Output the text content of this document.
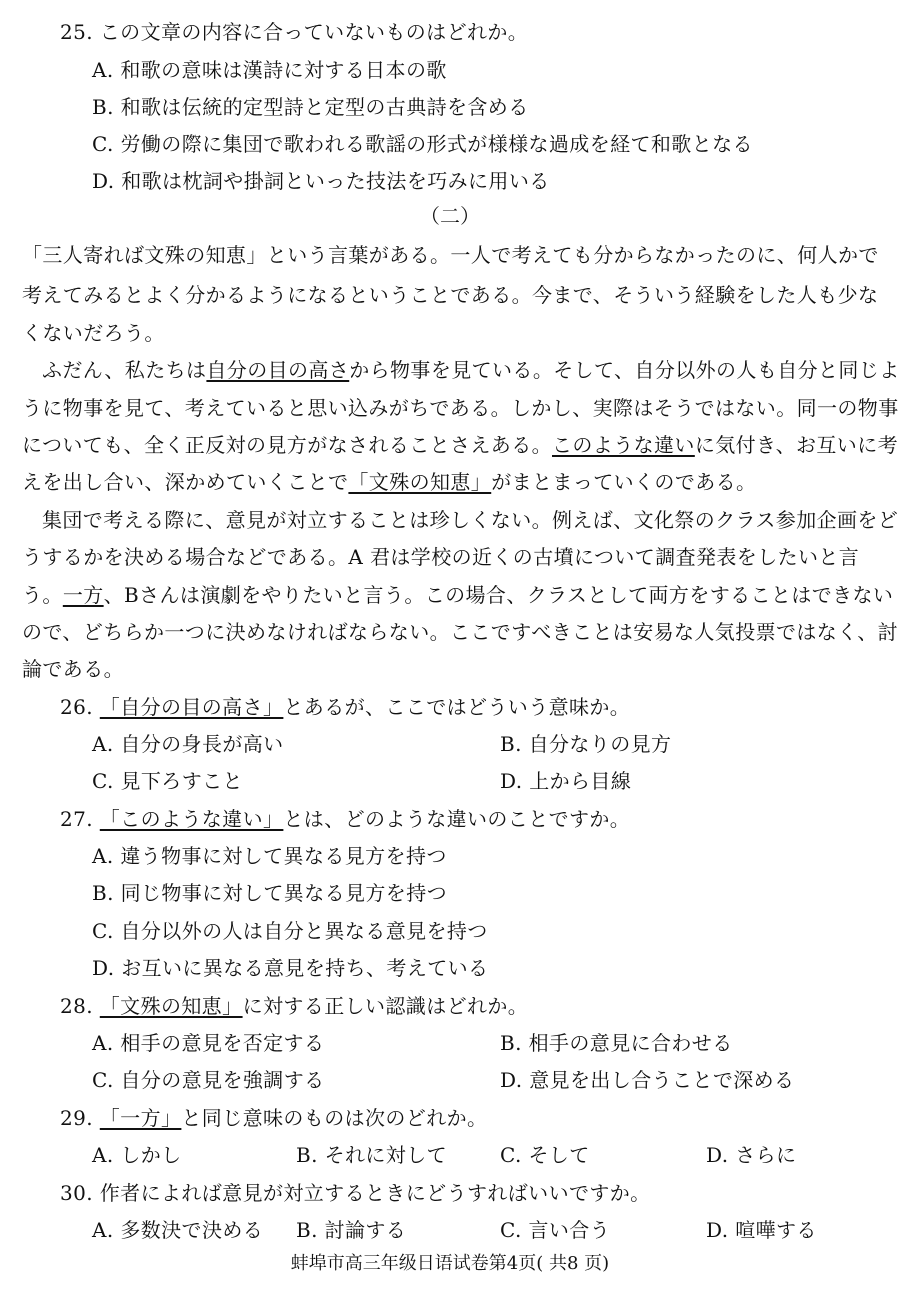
25. この文章の内容に合っていないものはどれか。
A. 和歌の意味は漢詩に対する日本の歌
B. 和歌は伝統的定型詩と定型の古典詩を含める
C. 労働の際に集団で歌われる歌謡の形式が様様な過成を経て和歌となる
D. 和歌は枕詞や掛詞といった技法を巧みに用いる
（二）
「三人寄れば文殊の知恵」という言葉がある。一人で考えても分からなかったのに、何人かで
考えてみるとよく分かるようになるということである。今まで、そういう経験をした人も少な
くないだろう。
ふだん、私たちは自分の目の高さから物事を見ている。そして、自分以外の人も自分と同じよ
うに物事を見て、考えていると思い込みがちである。しかし、実際はそうではない。同一の物事
についても、全く正反対の見方がなされることさえある。このような違いに気付き、お互いに考
えを出し合い、深かめていくことで「文殊の知恵」がまとまっていくのである。
集団で考える際に、意見が対立することは珍しくない。例えば、文化祭のクラス参加企画をど
うするかを決める場合などである。A 君は学校の近くの古墳について調査発表をしたいと言
う。一方、Bさんは演劇をやりたいと言う。この場合、クラスとして両方をすることはできない
ので、どちらか一つに決めなければならない。ここですべきことは安易な人気投票ではなく、討
論である。
26. 「自分の目の高さ」とあるが、ここではどういう意味か。
A. 自分の身長が高い	B. 自分なりの見方
C. 見下ろすこと	D. 上から目線
27. 「このような違い」とは、どのような違いのことですか。
A. 違う物事に対して異なる見方を持つ
B. 同じ物事に対して異なる見方を持つ
C. 自分以外の人は自分と異なる意見を持つ
D. お互いに異なる意見を持ち、考えている
28. 「文殊の知恵」に対する正しい認識はどれか。
A. 相手の意見を否定する	B. 相手の意見に合わせる
C. 自分の意見を強調する	D. 意見を出し合うことで深める
29. 「一方」と同じ意味のものは次のどれか。
A. しかし	B. それに対して	C. そして	D. さらに
30. 作者によれば意見が対立するときにどうすればいいですか。
A. 多数決で決める B. 討論する	C. 言い合う	D. 喧嘩する
蚌埠市高三年级日语试卷第4页( 共8 页)
